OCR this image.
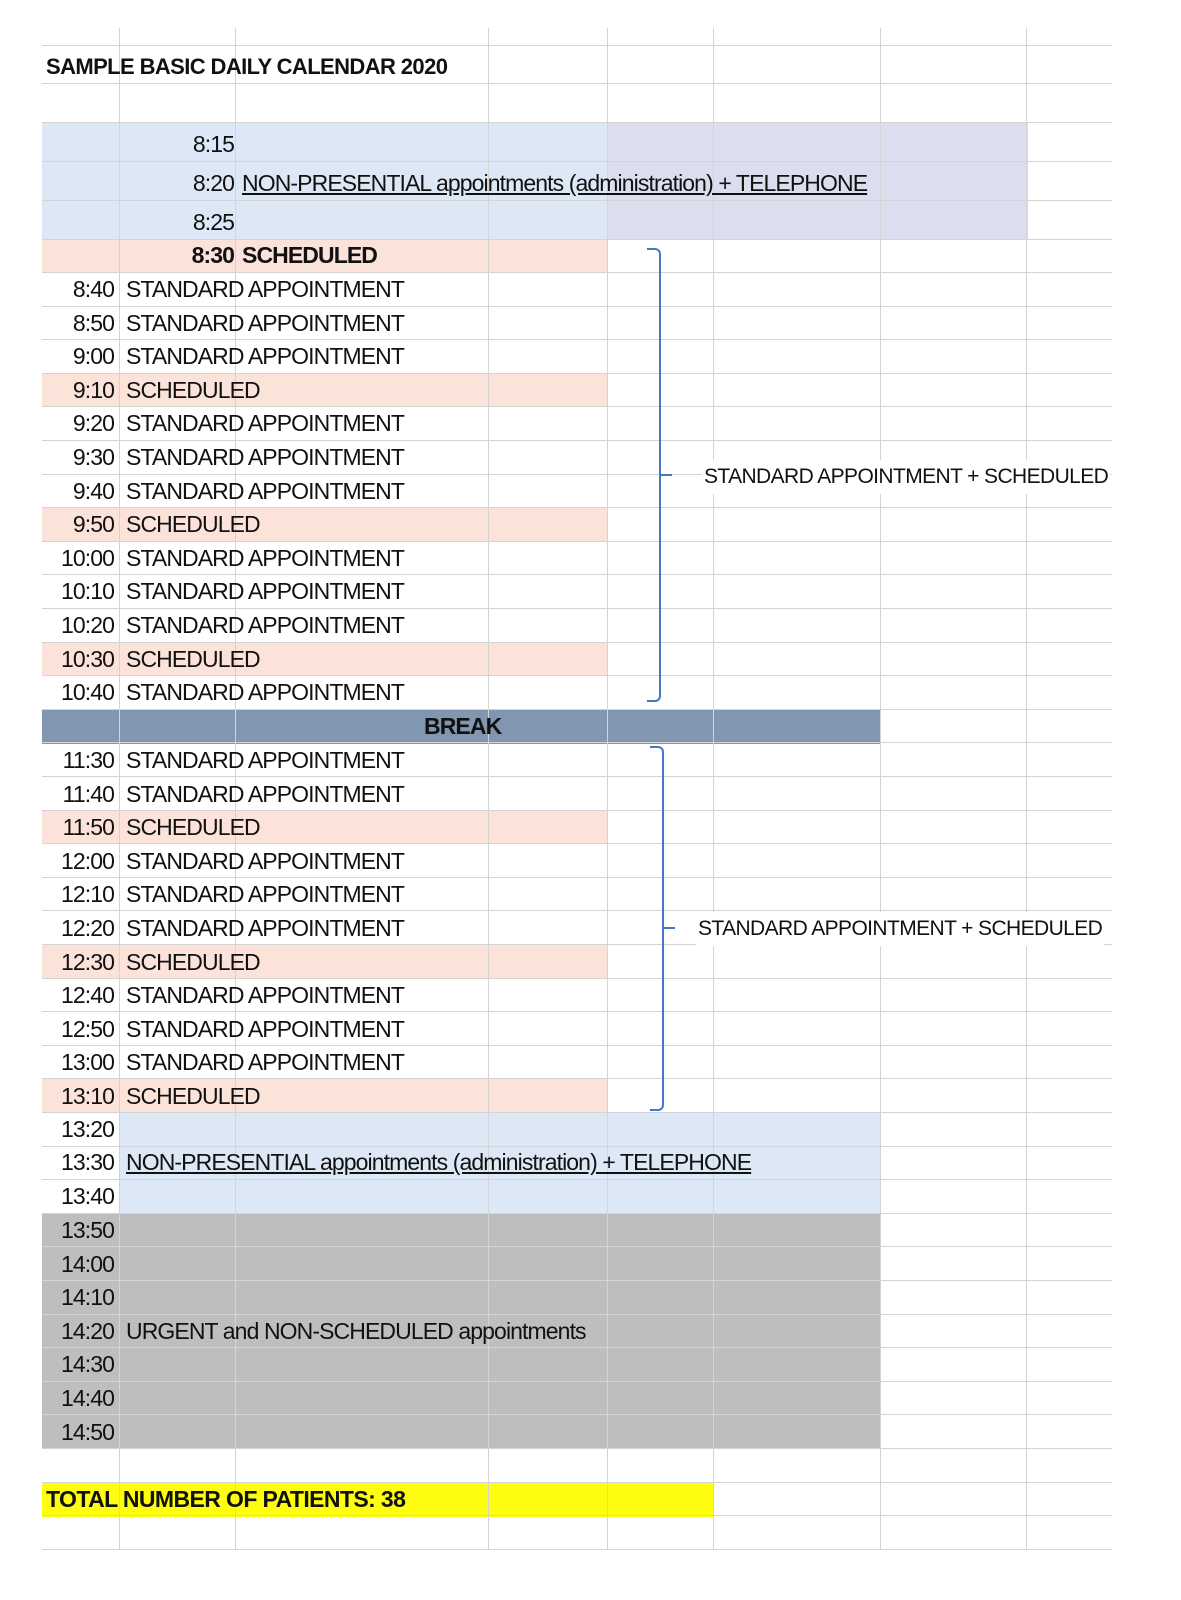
SAMPLE BASIC DAILY CALENDAR 2020
8:15
8:20
8:25
NON-PRESENTIAL appointments (administration) + TELEPHONE
8:30 SCHEDULED
8:40 STANDARD APPOINTMENT
8:50 STANDARD APPOINTMENT
9:00 STANDARD APPOINTMENT
9:10 SCHEDULED
9:20 STANDARD APPOINTMENT
9:30 STANDARD APPOINTMENT
9:40 STANDARD APPOINTMENT
9:50 SCHEDULED
10:00 STANDARD APPOINTMENT
10:10 STANDARD APPOINTMENT
10:20 STANDARD APPOINTMENT
10:30 SCHEDULED
10:40 STANDARD APPOINTMENT
BREAK
11:30 STANDARD APPOINTMENT
11:40 STANDARD APPOINTMENT
11:50 SCHEDULED
12:00 STANDARD APPOINTMENT
12:10 STANDARD APPOINTMENT
12:20 STANDARD APPOINTMENT
12:30 SCHEDULED
12:40 STANDARD APPOINTMENT
12:50 STANDARD APPOINTMENT
13:00 STANDARD APPOINTMENT
13:10 SCHEDULED
STANDARD APPOINTMENT + SCHEDULED
STANDARD APPOINTMENT + SCHEDULED
13:20
13:30
13:40
NON-PRESENTIAL appointments (administration) + TELEPHONE
13:50
14:00
14:10
14:20
14:30
14:40
14:50
URGENT and NON-SCHEDULED appointments
TOTAL NUMBER OF PATIENTS: 38
